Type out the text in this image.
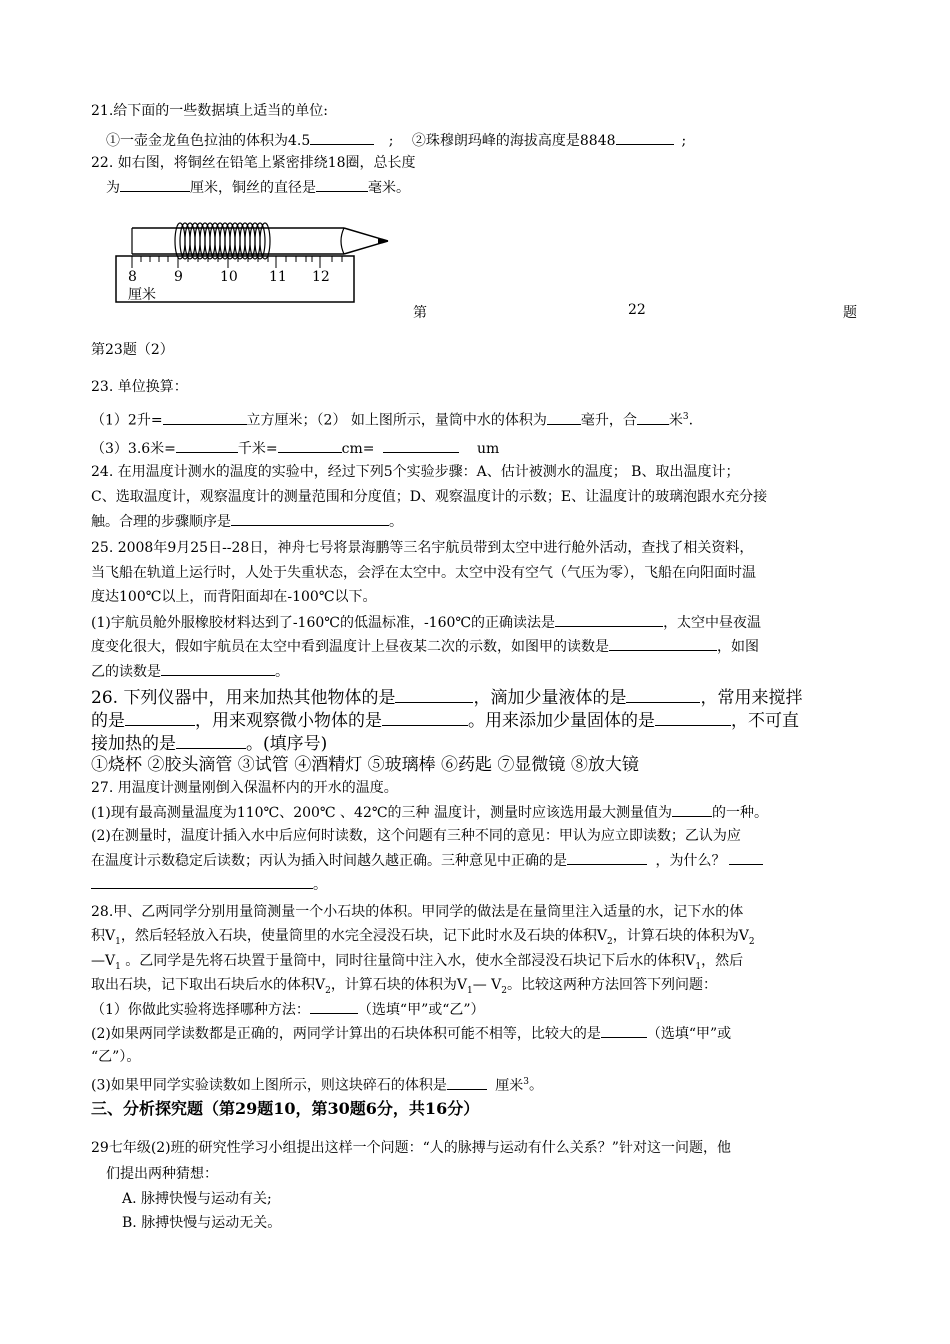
21.给下面的一些数据填上适当的单位:
①一壶金龙鱼色拉油的体积为4.5	; ②珠穆朗玛峰的海拔高度是8848	;
22. 如右图，将铜丝在铅笔上紧密排绕18圈，总长度
为	厘米，铜丝的直径是	毫米。
8	9	10 11 12
厘米
第	22	题
第23题（2）
23. 单位换算：
（1）2升=	立方厘米；（2） 如上图所示，量筒中水的体积为 毫升，合 米$^3$.
（3）3.6米=	千米=	cm=	um
24. 在用温度计测水的温度的实验中，经过下列5个实验步骤：A、估计被测水的温度； B、取出温度计；
C、选取温度计，观察温度计的测量范围和分度值；D、观察温度计的示数；E、让温度计的玻璃泡跟水充分接
触。合理的步骤顺序是	。
25. 2008年9月25日--28日，神舟七号将景海鹏等三名宇航员带到太空中进行舱外活动，查找了相关资料，
当飞船在轨道上运行时，人处于失重状态，会浮在太空中。太空中没有空气（气压为零），飞船在向阳面时温
度达100℃以上，而背阳面却在-100℃以下。
(1)宇航员舱外服橡胶材料达到了-160℃的低温标准，-160℃的正确读法是	，太空中昼夜温
度变化很大，假如宇航员在太空中看到温度计上昼夜某二次的示数，如图甲的读数是	，如图
乙的读数是	。
26. 下列仪器中，用来加热其他物体的是	，滴加少量液体的是	，常用来搅拌
的是	，用来观察微小物体的是	。用来添加少量固体的是	，不可直
接加热的是	。(填序号)
①烧杯 ②胶头滴管 ③试管 ④酒精灯 ⑤玻璃棒 ⑥药匙 ⑦显微镜 ⑧放大镜
27. 用温度计测量刚倒入保温杯内的开水的温度。
(1)现有最高测量温度为110℃、200℃ 、42℃的三种 温度计，测量时应该选用最大测量值为	的一种。
(2)在测量时，温度计插入水中后应何时读数，这个问题有三种不同的意见：甲认为应立即读数；乙认为应
在温度计示数稳定后读数；丙认为插入时间越久越正确。三种意见中正确的是	，为什么？
。
28.甲、乙两同学分别用量筒测量一个小石块的体积。甲同学的做法是在量筒里注入适量的水，记下水的体
积$V_1$，然后轻轻放入石块，使量筒里的水完全浸没石块，记下此时水及石块的体积$V_2$，计算石块的体积为$V_2$
$—V_1$ 。乙同学是先将石块置于量筒中，同时往量筒中注入水，使水全部浸没石块记下后水的体积$V_1$，然后
取出石块，记下取出石块后水的体积$V_2$，计算石块的体积为$V_1—$ $V_2$。比较这两种方法回答下列问题：
（1）你做此实验将选择哪种方法：	（选填“甲”或“乙”）
(2)如果两同学读数都是正确的，两同学计算出的石块体积可能不相等，比较大的是	（选填“甲”或
“乙”）。
(3)如果甲同学实验读数如上图所示，则这块碎石的体积是	厘米$^3$。
三、分析探究题（第29题10，第30题6分，共16分）
29七年级(2)班的研究性学习小组提出这样一个问题：“人的脉搏与运动有什么关系？”针对这一问题，他
们提出两种猜想：
A. 脉搏快慢与运动有关;
B. 脉搏快慢与运动无关。
